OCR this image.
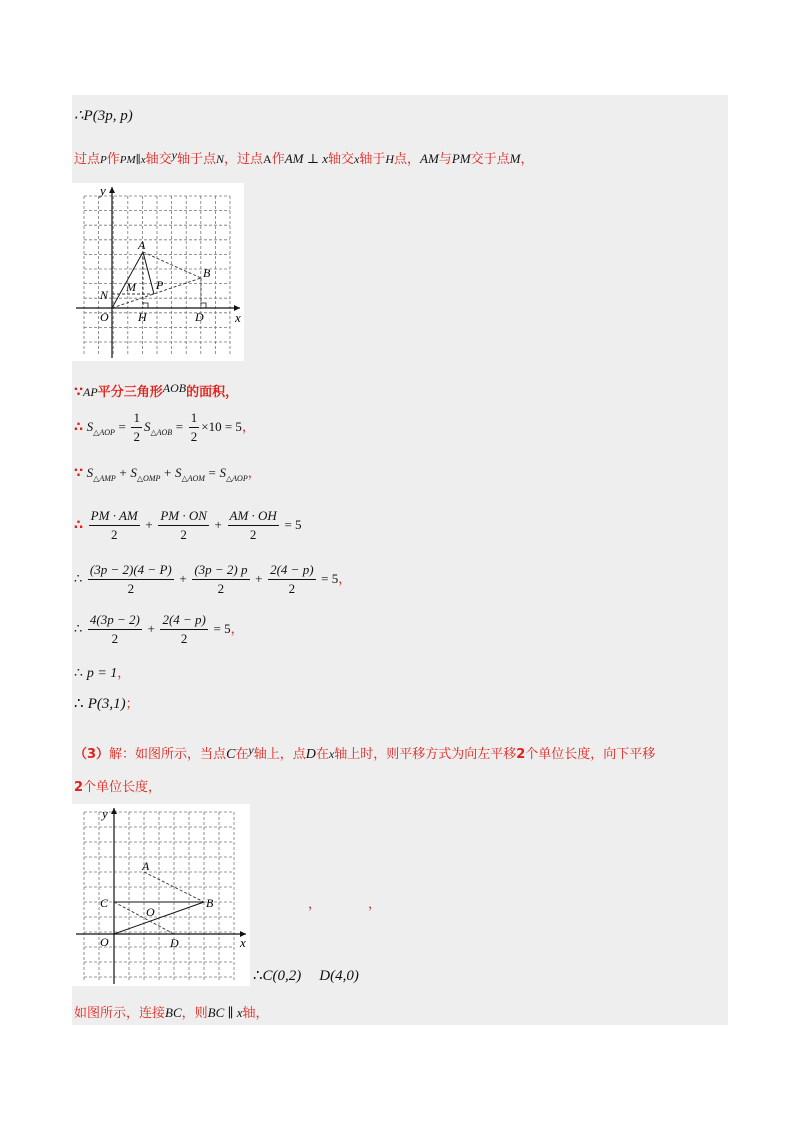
∴P(3p, p)
过点P作PM∥x轴交y轴于点N，过点A作AM ⊥ x轴交x轴于H点，AM与PM交于点M，
y
x
A
B
N
M P
O H	D
∵AP平分三角形AOB的面积，
∴ $S_{\triangle AOP} = \frac{1}{2} S_{\triangle AOB} = \frac{1}{2} \times 10 = 5$，
∵ $S_{\triangle AMP} + S_{\triangle OMP} + S_{\triangle AOM} = S_{\triangle AOP}$，
∴ $\frac{PM \cdot AM}{2} + \frac{PM \cdot ON}{2} + \frac{AM \cdot OH}{2} = 5$
∴ $\frac{(3p - 2)(4 - P)}{2} + \frac{(3p - 2) p}{2} + \frac{2(4 - p)}{2} = 5$，
∴ $\frac{4(3p - 2)}{2} + \frac{2(4 - p)}{2} = 5$，
∴ p = 1，
∴ P(3,1)；
（3）解：如图所示，当点C在y轴上，点D在x轴上时，则平移方式为向左平移2个单位长度，向下平移
2个单位长度，
y
x
A
B
C
O
O	D
，	，
∴C(0,2) D(4,0)
如图所示，连接BC，则BC ∥ x轴，
